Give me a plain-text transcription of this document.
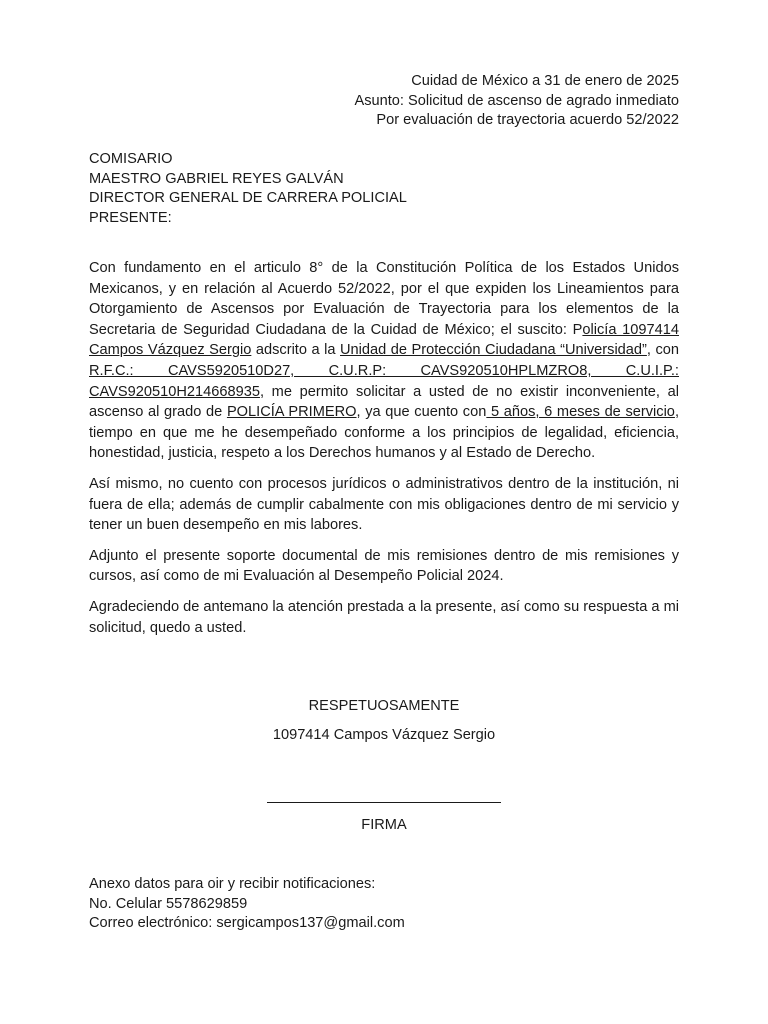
Cuidad de México a 31 de enero de 2025
Asunto: Solicitud de ascenso de agrado inmediato
Por evaluación de trayectoria acuerdo 52/2022
COMISARIO
MAESTRO GABRIEL REYES GALVÁN
DIRECTOR GENERAL DE CARRERA POLICIAL
PRESENTE:

Con fundamento en el articulo 8° de la Constitución Política de los Estados Unidos Mexicanos, y en relación al Acuerdo 52/2022, por el que expiden los Lineamientos para Otorgamiento de Ascensos por Evaluación de Trayectoria para los elementos de la Secretaria de Seguridad Ciudadana de la Cuidad de México; el suscito: Policía 1097414 Campos Vázquez Sergio adscrito a la Unidad de Protección Ciudadana “Universidad”, con R.F.C.: CAVS5920510D27, C.U.R.P: CAVS920510HPLMZRO8, C.U.I.P.: CAVS920510H214668935, me permito solicitar a usted de no existir inconveniente, al ascenso al grado de POLICÍA PRIMERO, ya que cuento con 5 años, 6 meses de servicio, tiempo en que me he desempeñado conforme a los principios de legalidad, eficiencia, honestidad, justicia, respeto a los Derechos humanos y al Estado de Derecho.

Así mismo, no cuento con procesos jurídicos o administrativos dentro de la institución, ni fuera de ella; además de cumplir cabalmente con mis obligaciones dentro de mi servicio y tener un buen desempeño en mis labores.

Adjunto el presente soporte documental de mis remisiones dentro de mis remisiones y cursos, así como de mi Evaluación al Desempeño Policial 2024.

Agradeciendo de antemano la atención prestada a la presente, así como su respuesta a mi solicitud, quedo a usted.

RESPETUOSAMENTE
1097414 Campos Vázquez Sergio
FIRMA
Anexo datos para oir y recibir notificaciones:
No. Celular 5578629859
Correo electrónico: sergicampos137@gmail.com
